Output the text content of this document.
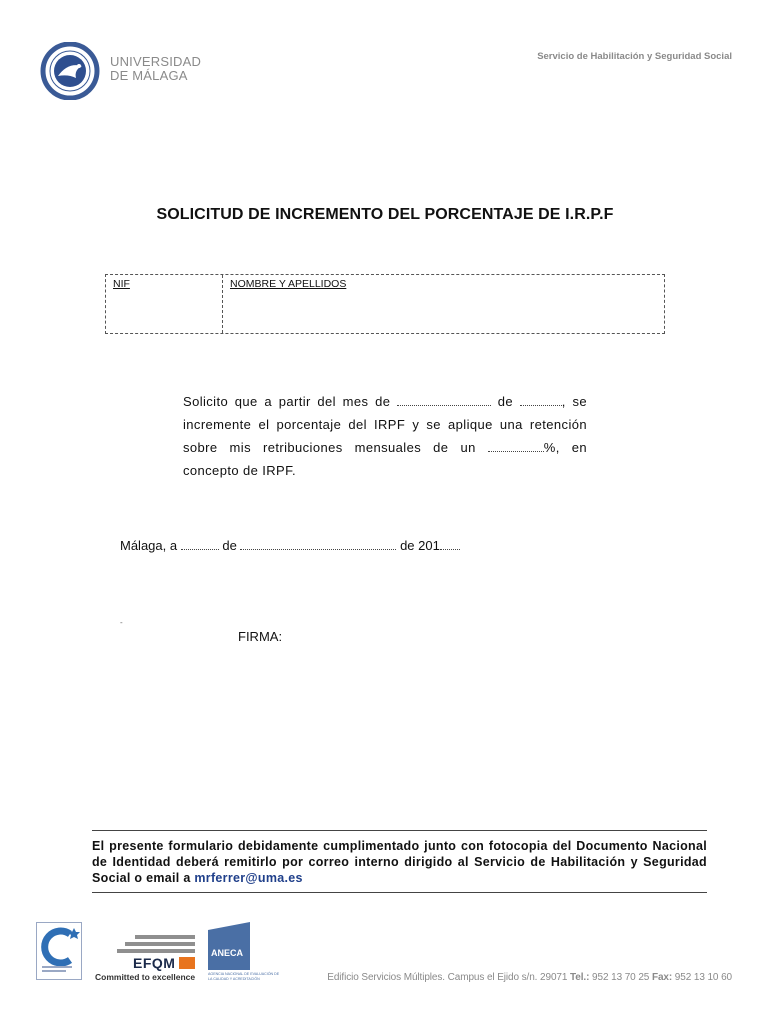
UNIVERSIDAD
DE MÁLAGA
Servicio de Habilitación y Seguridad Social
SOLICITUD DE INCREMENTO DEL PORCENTAJE DE I.R.P.F
NIF	NOMBRE Y APELLIDOS
Solicito que a partir del mes de	de	, se incremente el porcentaje del IRPF y se aplique una retención sobre mis retribuciones mensuales de un	%, en concepto de IRPF.
Málaga, a	de	de 201
-
FIRMA:
El presente formulario debidamente cumplimentado junto con fotocopia del Documento Nacional de Identidad deberá remitirlo por correo interno dirigido al Servicio de Habilitación y Seguridad Social o email a mrferrer@uma.es
EFQM
Committed to excellence
ANECA
AGENCIA NACIONAL DE EVALUACIÓN DE LA CALIDAD Y ACREDITACIÓN	Edificio Servicios Múltiples. Campus el Ejido s/n. 29071 Tel.: 952 13 70 25 Fax: 952 13 10 60
